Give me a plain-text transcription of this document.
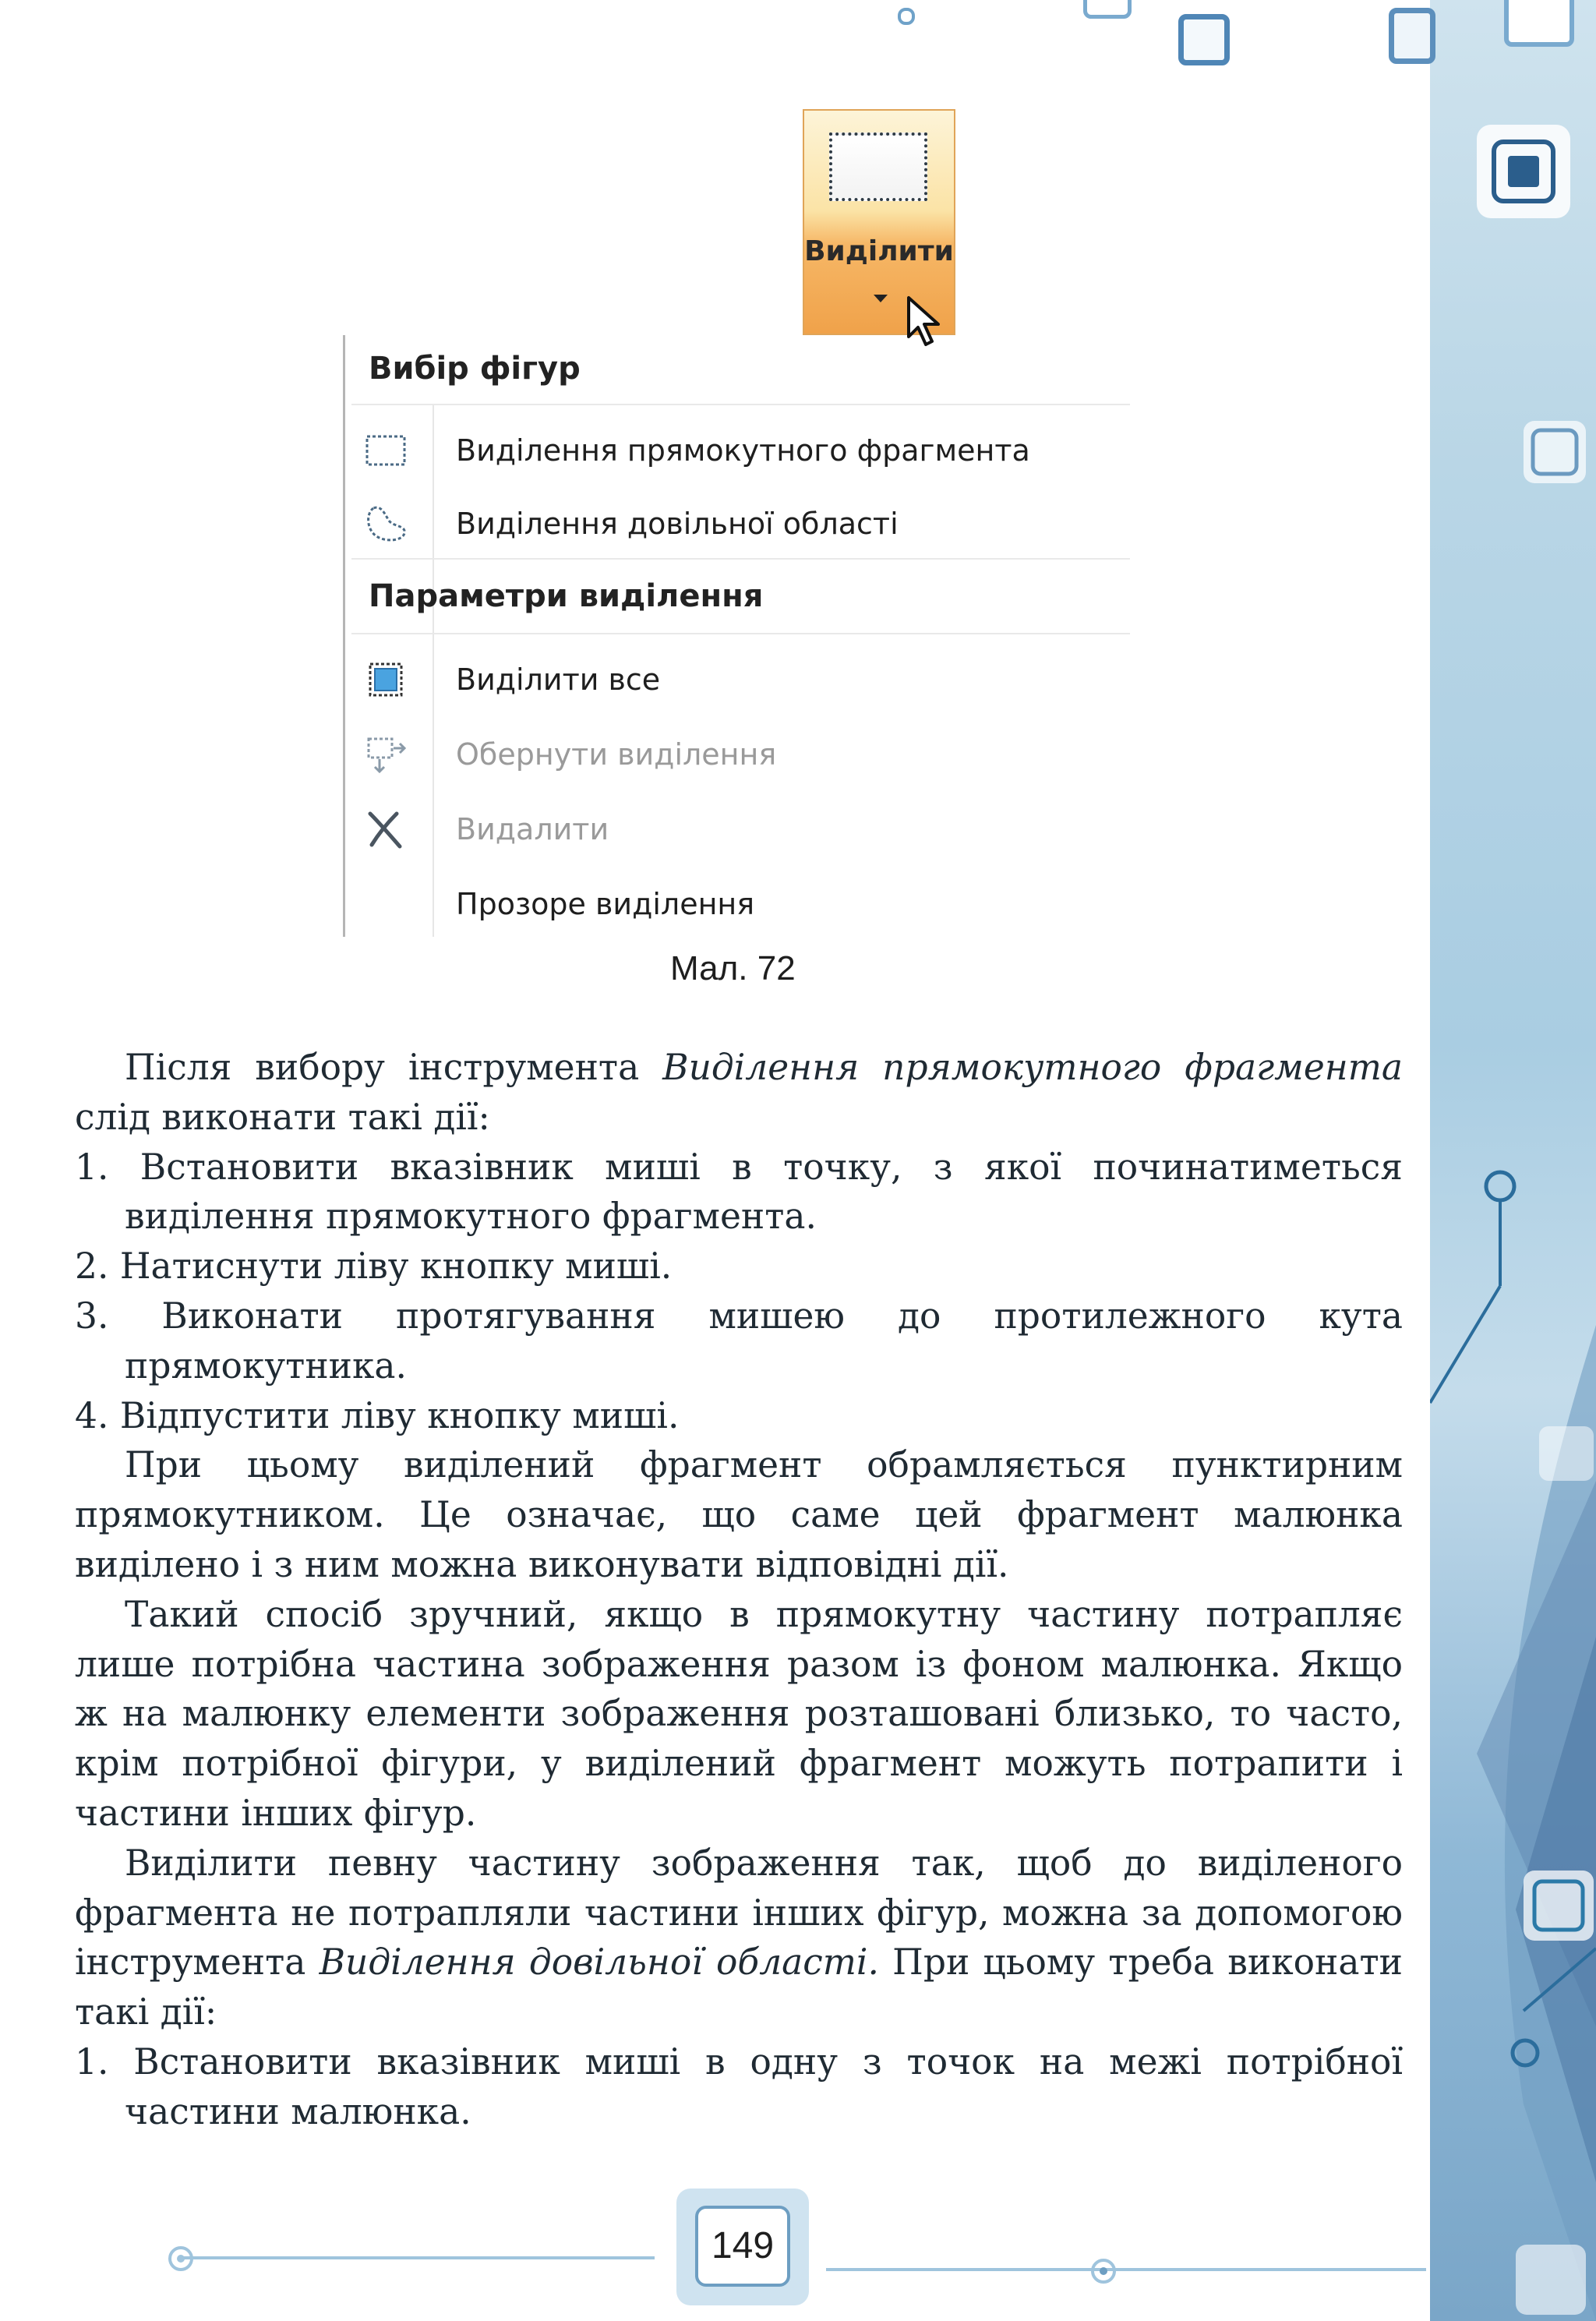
Виділити
Вибір фігур
Виділення прямокутного фрагмента
Виділення довільної області
Параметри виділення
Виділити все
Обернути виділення
Видалити
Прозоре виділення
Мал. 72

Після вибору інструмента Виділення прямокутного фрагмента слід виконати такі дії:

1. Встановити вказівник миші в точку, з якої починатиметься виділення прямокутного фрагмента.

2. Натиснути ліву кнопку миші.

3. Виконати протягування мишею до протилежного кута прямокутника.

4. Відпустити ліву кнопку миші.

При цьому виділений фрагмент обрамляється пунктирним прямокутником. Це означає, що саме цей фрагмент малюнка виділено і з ним можна виконувати відповідні дії.

Такий спосіб зручний, якщо в прямокутну частину потрапляє лише потрібна частина зображення разом із фоном малюнка. Якщо ж на малюнку елементи зображення розташовані близько, то часто, крім потрібної фігури, у виділений фрагмент можуть потрапити і частини інших фігур.

Виділити певну частину зображення так, щоб до виділеного фрагмента не потрапляли частини інших фігур, можна за допомогою інструмента Виділення довільної області. При цьому треба виконати такі дії:

1. Встановити вказівник миші в одну з точок на межі потрібної частини малюнка.

149
